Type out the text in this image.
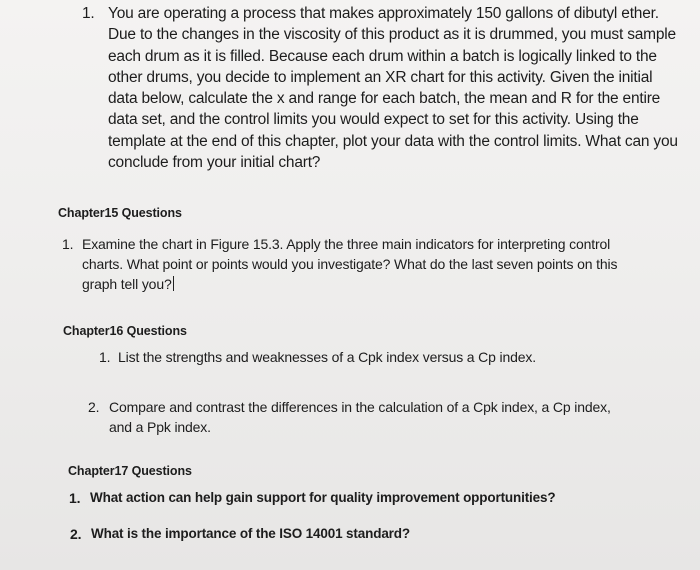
1. You are operating a process that makes approximately 150 gallons of dibutyl ether. Due to the changes in the viscosity of this product as it is drummed, you must sample each drum as it is filled. Because each drum within a batch is logically linked to the other drums, you decide to implement an XR chart for this activity. Given the initial data below, calculate the x and range for each batch, the mean and R for the entire data set, and the control limits you would expect to set for this activity. Using the template at the end of this chapter, plot your data with the control limits. What can you conclude from your initial chart?
Chapter15 Questions
1. Examine the chart in Figure 15.3. Apply the three main indicators for interpreting control charts. What point or points would you investigate? What do the last seven points on this graph tell you?
Chapter16 Questions
1. List the strengths and weaknesses of a Cpk index versus a Cp index.
2. Compare and contrast the differences in the calculation of a Cpk index, a Cp index, and a Ppk index.
Chapter17 Questions
1. What action can help gain support for quality improvement opportunities?
2. What is the importance of the ISO 14001 standard?
